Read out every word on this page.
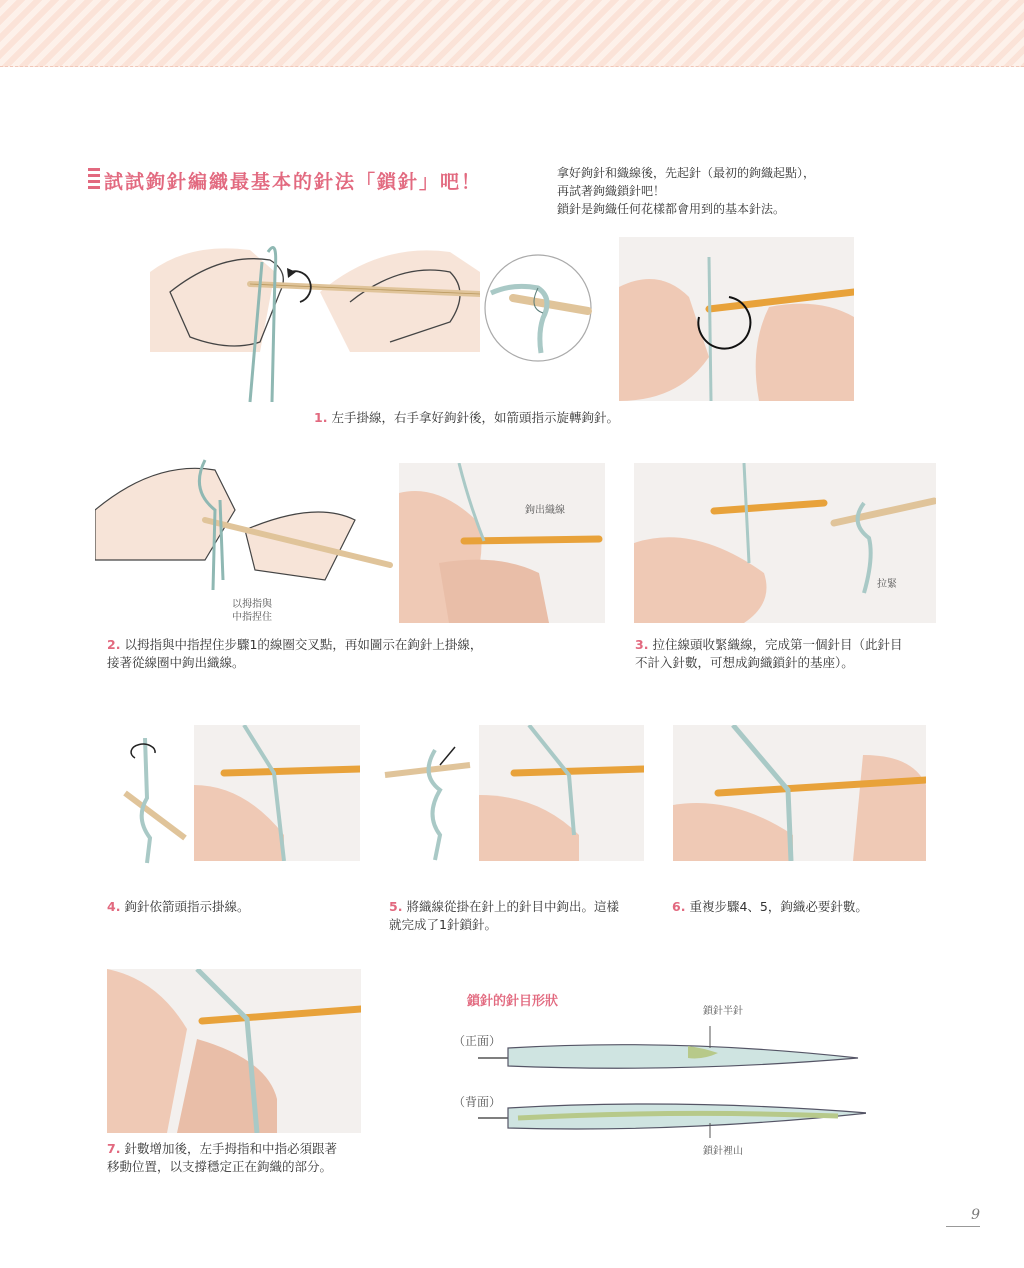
試試鉤針編織最基本的針法「鎖針」吧！	拿好鉤針和織線後，先起針（最初的鉤織起點），
再試著鉤織鎖針吧！
鎖針是鉤織任何花樣都會用到的基本針法。
1. 左手掛線，右手拿好鉤針後，如箭頭指示旋轉鉤針。
以拇指與
中指捏住
鉤出織線
拉緊
2. 以拇指與中指捏住步驟1的線圈交叉點，再如圖示在鉤針上掛線，
接著從線圈中鉤出織線。
3. 拉住線頭收緊織線，完成第一個針目（此針目
不計入針數，可想成鉤織鎖針的基座）。
4. 鉤針依箭頭指示掛線。	5. 將織線從掛在針上的針目中鉤出。這樣
就完成了1針鎖針。
6. 重複步驟4、5，鉤織必要針數。
7. 針數增加後，左手拇指和中指必須跟著
移動位置，以支撐穩定正在鉤織的部分。
鎖針的針目形狀
（正面）
（背面）
鎖針半針
鎖針裡山
9
